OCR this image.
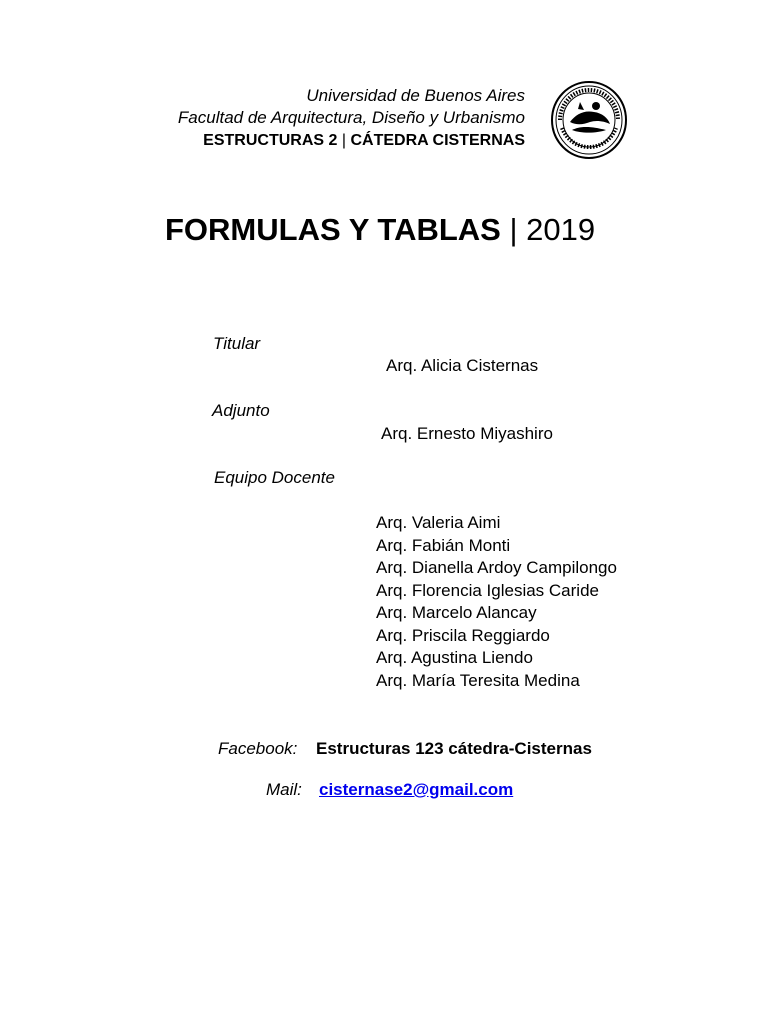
Universidad de Buenos Aires
Facultad de Arquitectura, Diseño y Urbanismo
ESTRUCTURAS 2 | CÁTEDRA CISTERNAS
FORMULAS Y TABLAS | 2019
Titular
Arq. Alicia Cisternas
Adjunto
Arq. Ernesto Miyashiro
Equipo Docente
Arq. Valeria Aimi
Arq. Fabián Monti
Arq. Dianella Ardoy Campilongo
Arq. Florencia Iglesias Caride
Arq. Marcelo Alancay
Arq. Priscila Reggiardo
Arq. Agustina Liendo
Arq. María Teresita Medina
Facebook: Estructuras 123 cátedra-Cisternas
Mail: cisternase2@gmail.com
